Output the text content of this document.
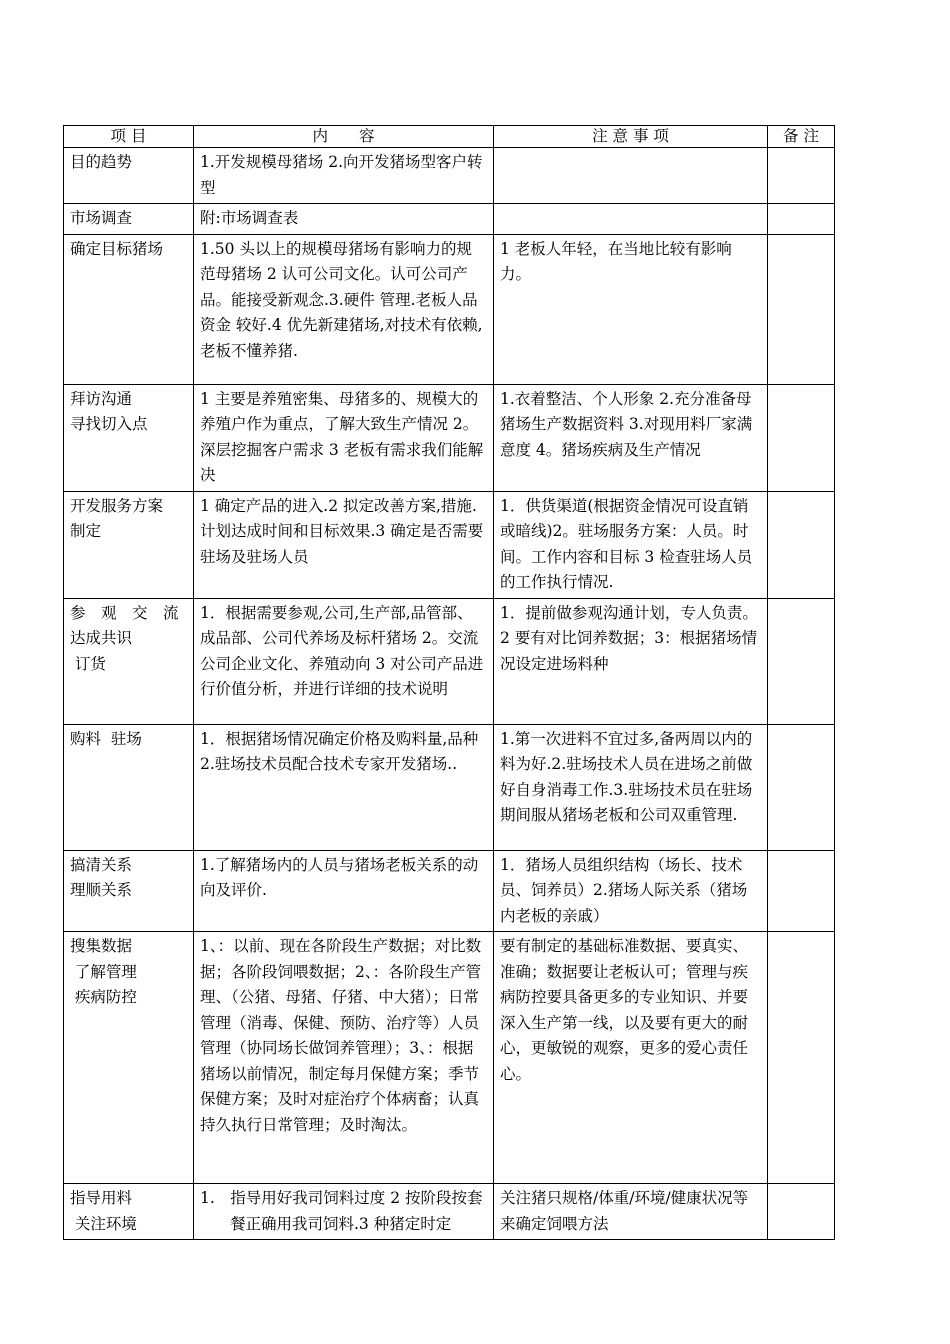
项 目	内　　容	注 意 事 项	备 注

目的趋势	1.开发规模母猪场 2.向开发猪场型客户转型		

市场调查	附:市场调查表		

确定目标猪场	1.50 头以上的规模母猪场有影响力的规范母猪场 2 认可公司文化。认可公司产品。能接受新观念.3.硬件 管理.老板人品 资金 较好.4 优先新建猪场,对技术有依赖,老板不懂养猪.	1 老板人年轻，在当地比较有影响力。	

拜访沟通
寻找切入点	1 主要是养殖密集、母猪多的、规模大的养殖户作为重点，了解大致生产情况 2。深层挖掘客户需求 3 老板有需求我们能解决	1.衣着整洁、个人形象 2.充分准备母猪场生产数据资料 3.对现用料厂家满意度 4。猪场疾病及生产情况	

开发服务方案
制定	1 确定产品的进入.2 拟定改善方案,措施.计划达成时间和目标效果.3 确定是否需要驻场及驻场人员	1．供货渠道(根据资金情况可设直销或暗线)2。驻场服务方案：人员。时间。工作内容和目标 3 检查驻场人员的工作执行情况.	

参　观　交　流
达成共识
订货	1．根据需要参观,公司,生产部,品管部、成品部、公司代养场及标杆猪场 2。交流公司企业文化、养殖动向 3 对公司产品进行价值分析，并进行详细的技术说明	1．提前做参观沟通计划，专人负责。2 要有对比饲养数据；3：根据猪场情况设定进场料种	

购料  驻场	1．根据猪场情况确定价格及购料量,品种 2.驻场技术员配合技术专家开发猪场..	1.第一次进料不宜过多,备两周以内的料为好.2.驻场技术人员在进场之前做好自身消毒工作.3.驻场技术员在驻场期间服从猪场老板和公司双重管理.	

搞清关系
理顺关系	1.了解猪场内的人员与猪场老板关系的动向及评价.	1．猪场人员组织结构（场长、技术员、饲养员）2.猪场人际关系（猪场内老板的亲戚）	

搜集数据
了解管理
疾病防控	1、：以前、现在各阶段生产数据；对比数据；各阶段饲喂数据；2、：各阶段生产管理、（公猪、母猪、仔猪、中大猪）；日常管理（消毒、保健、预防、治疗等）人员管理（协同场长做饲养管理）；3、：根据猪场以前情况，制定每月保健方案；季节保健方案；及时对症治疗个体病畜；认真持久执行日常管理；及时淘汰。	要有制定的基础标准数据、要真实、准确；数据要让老板认可；管理与疾病防控要具备更多的专业知识、并要深入生产第一线，以及要有更大的耐心，更敏锐的观察，更多的爱心责任心。	

指导用料
关注环境	1.　指导用好我司饲料过度 2 按阶段按套餐正确用我司饲料.3 种猪定时定	关注猪只规格/体重/环境/健康状况等来确定饲喂方法	
